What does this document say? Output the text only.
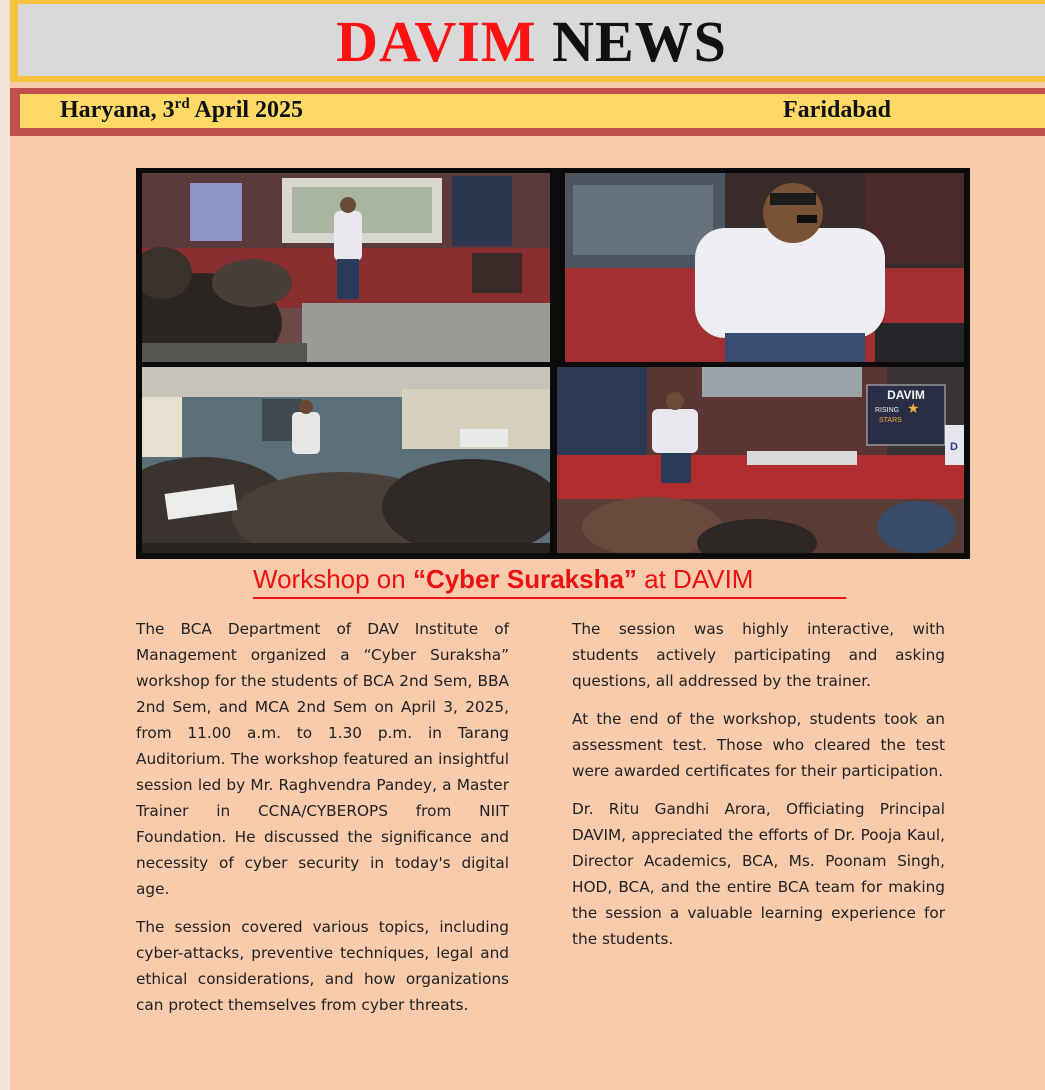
DAVIM NEWS
Haryana, 3rd April 2025	Faridabad
DAVIM
RISING
STARS
★
D
Workshop on “Cyber Suraksha” at DAVIM

The BCA Department of DAV Institute of Management organized a “Cyber Suraksha” workshop for the students of BCA 2nd Sem, BBA 2nd Sem, and MCA 2nd Sem on April 3, 2025, from 11.00 a.m. to 1.30 p.m. in Tarang Auditorium. The workshop featured an insightful session led by Mr. Raghvendra Pandey, a Master Trainer in CCNA/CYBEROPS from NIIT Foundation. He discussed the significance and necessity of cyber security in today's digital age.

The session covered various topics, including cyber-attacks, preventive techniques, legal and ethical considerations, and how organizations can protect themselves from cyber threats.

The session was highly interactive, with students actively participating and asking questions, all addressed by the trainer.

At the end of the workshop, students took an assessment test. Those who cleared the test were awarded certificates for their participation.

Dr. Ritu Gandhi Arora, Officiating Principal DAVIM, appreciated the efforts of Dr. Pooja Kaul, Director Academics, BCA, Ms. Poonam Singh, HOD, BCA, and the entire BCA team for making the session a valuable learning experience for the students.
